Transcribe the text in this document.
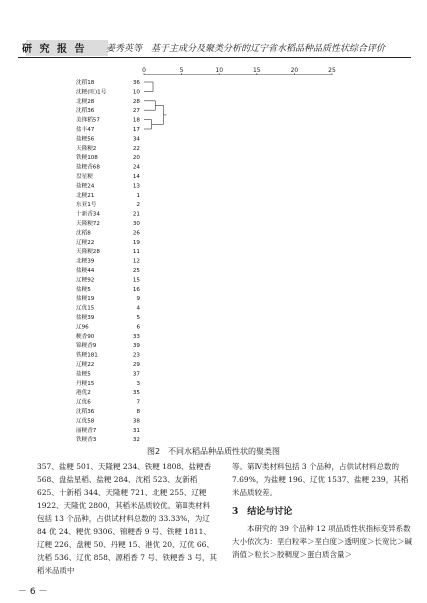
研 究 报 告 姜秀英等　基于主成分及聚类分析的辽宁省水稻品种品质性状综合评价
0	5	10	15	20	25
沈稻18	36
沈粳(旺)1号	10
北粳28	28
沈稻36	27
美锋稻57	18
盐丰47	17
盐粳56	34
天隆粳2	22
铁粳108	20
盐粳香68	24
盘星粳	14
盐粳24	13
北粳21	1
东亚1号	2
十新香34	21
天隆粳72	30
沈稻8	26
辽粳22	19
天隆粳28	11
北粳39	12
盐粳44	25
辽粳92	15
盐粳5	16
盐粳19	9
辽优15	4
盐粳39	5
辽96	6
粳香90	33
锦粳香9	39
铁粳181	23
辽粳22	29
盐粳5	37
丹粳15	3
港优2	35
辽优6	7
沈稻36	8
辽优58	38
丽粳香7	31
铁粳香3	32
图2　不同水稻品种品质性状的聚类图
357、盐粳 501、天隆粳 234、铁粳 1808、盐粳香 568、盘盐星稻、盐粳 284、沈稻 523、友新稻 625、十新稻 344、天隆粳 721、北粳 255、辽粳 1922、天隆优 2800，其稻米品质较优。第Ⅱ类材料包括 13 个品种，占供试材料总数的 33.33%，为辽 84 优 24、粳优 9306、锦粳香 9 号、铁粳 1811、辽粳 226、盘粳 50、丹粳 15、港优 20、辽优 66、沈稻 536、辽优 858、源稻香 7 号、铁粳香 3 号，其稻米品质中
等。第Ⅳ类材料包括 3 个品种，占供试材料总数的 7.69%，为盐粳 196、辽优 1537、盐粳 239，其稻米品质较差。
3　结论与讨论
本研究的 39 个品种 12 项品质性状指标变异系数大小依次为：垩白粒率＞垩白度＞透明度＞长宽比＞碱消值＞粒长＞胶稠度＞蛋白质含量＞
－ 6 －
